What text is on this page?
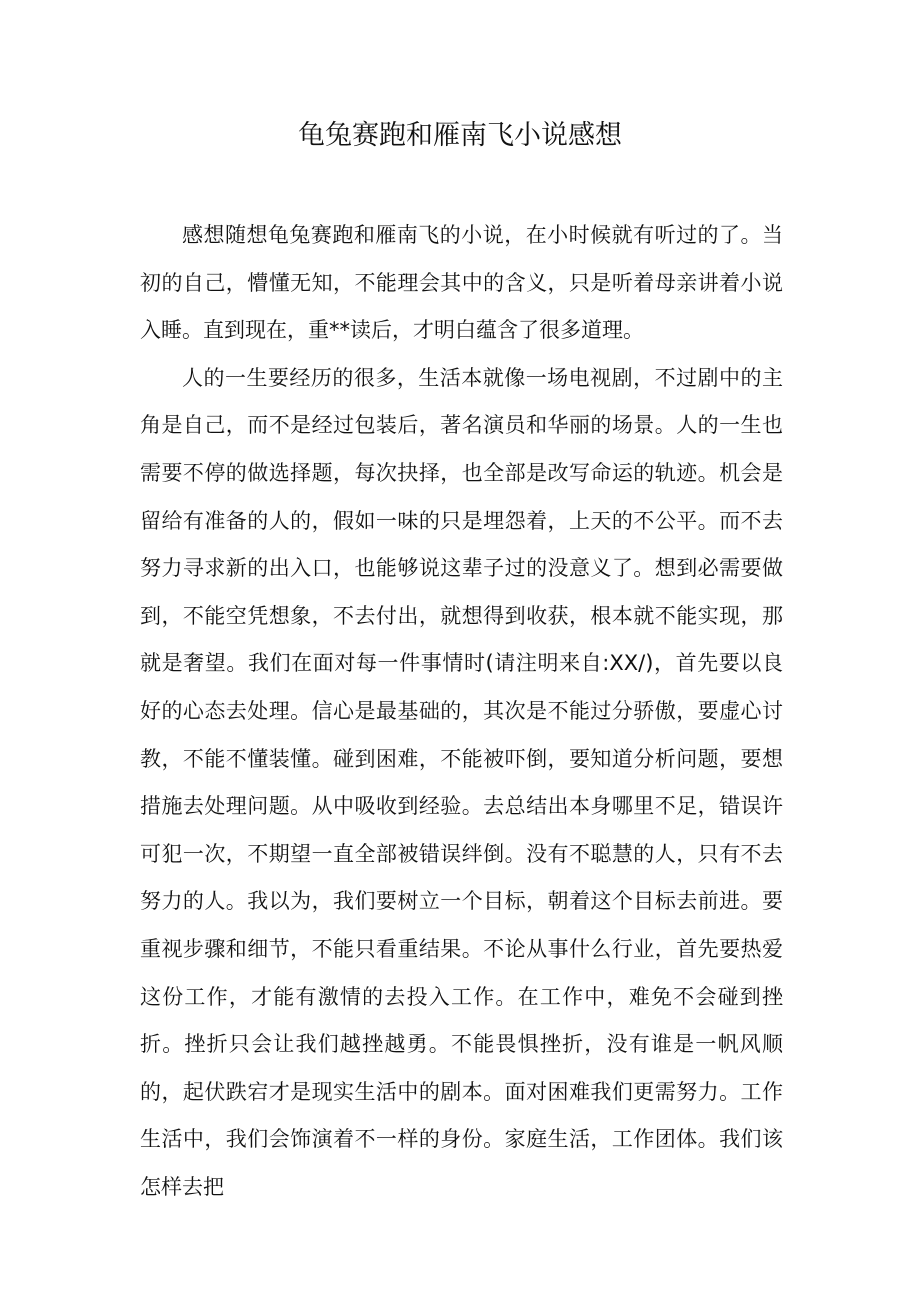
龟兔赛跑和雁南飞小说感想

感想随想龟兔赛跑和雁南飞的小说，在小时候就有听过的了。当初的自己，懵懂无知，不能理会其中的含义，只是听着母亲讲着小说入睡。直到现在，重**读后，才明白蕴含了很多道理。

人的一生要经历的很多，生活本就像一场电视剧，不过剧中的主角是自己，而不是经过包装后，著名演员和华丽的场景。人的一生也需要不停的做选择题，每次抉择，也全部是改写命运的轨迹。机会是留给有准备的人的，假如一味的只是埋怨着，上天的不公平。而不去努力寻求新的出入口，也能够说这辈子过的没意义了。想到必需要做到，不能空凭想象，不去付出，就想得到收获，根本就不能实现，那就是奢望。我们在面对每一件事情时(请注明来自:XX/)，首先要以良好的心态去处理。信心是最基础的，其次是不能过分骄傲，要虚心讨教，不能不懂装懂。碰到困难，不能被吓倒，要知道分析问题，要想措施去处理问题。从中吸收到经验。去总结出本身哪里不足，错误许可犯一次，不期望一直全部被错误绊倒。没有不聪慧的人，只有不去努力的人。我以为，我们要树立一个目标，朝着这个目标去前进。要重视步骤和细节，不能只看重结果。不论从事什么行业，首先要热爱这份工作，才能有激情的去投入工作。在工作中，难免不会碰到挫折。挫折只会让我们越挫越勇。不能畏惧挫折，没有谁是一帆风顺的，起伏跌宕才是现实生活中的剧本。面对困难我们更需努力。工作生活中，我们会饰演着不一样的身份。家庭生活，工作团体。我们该怎样去把
